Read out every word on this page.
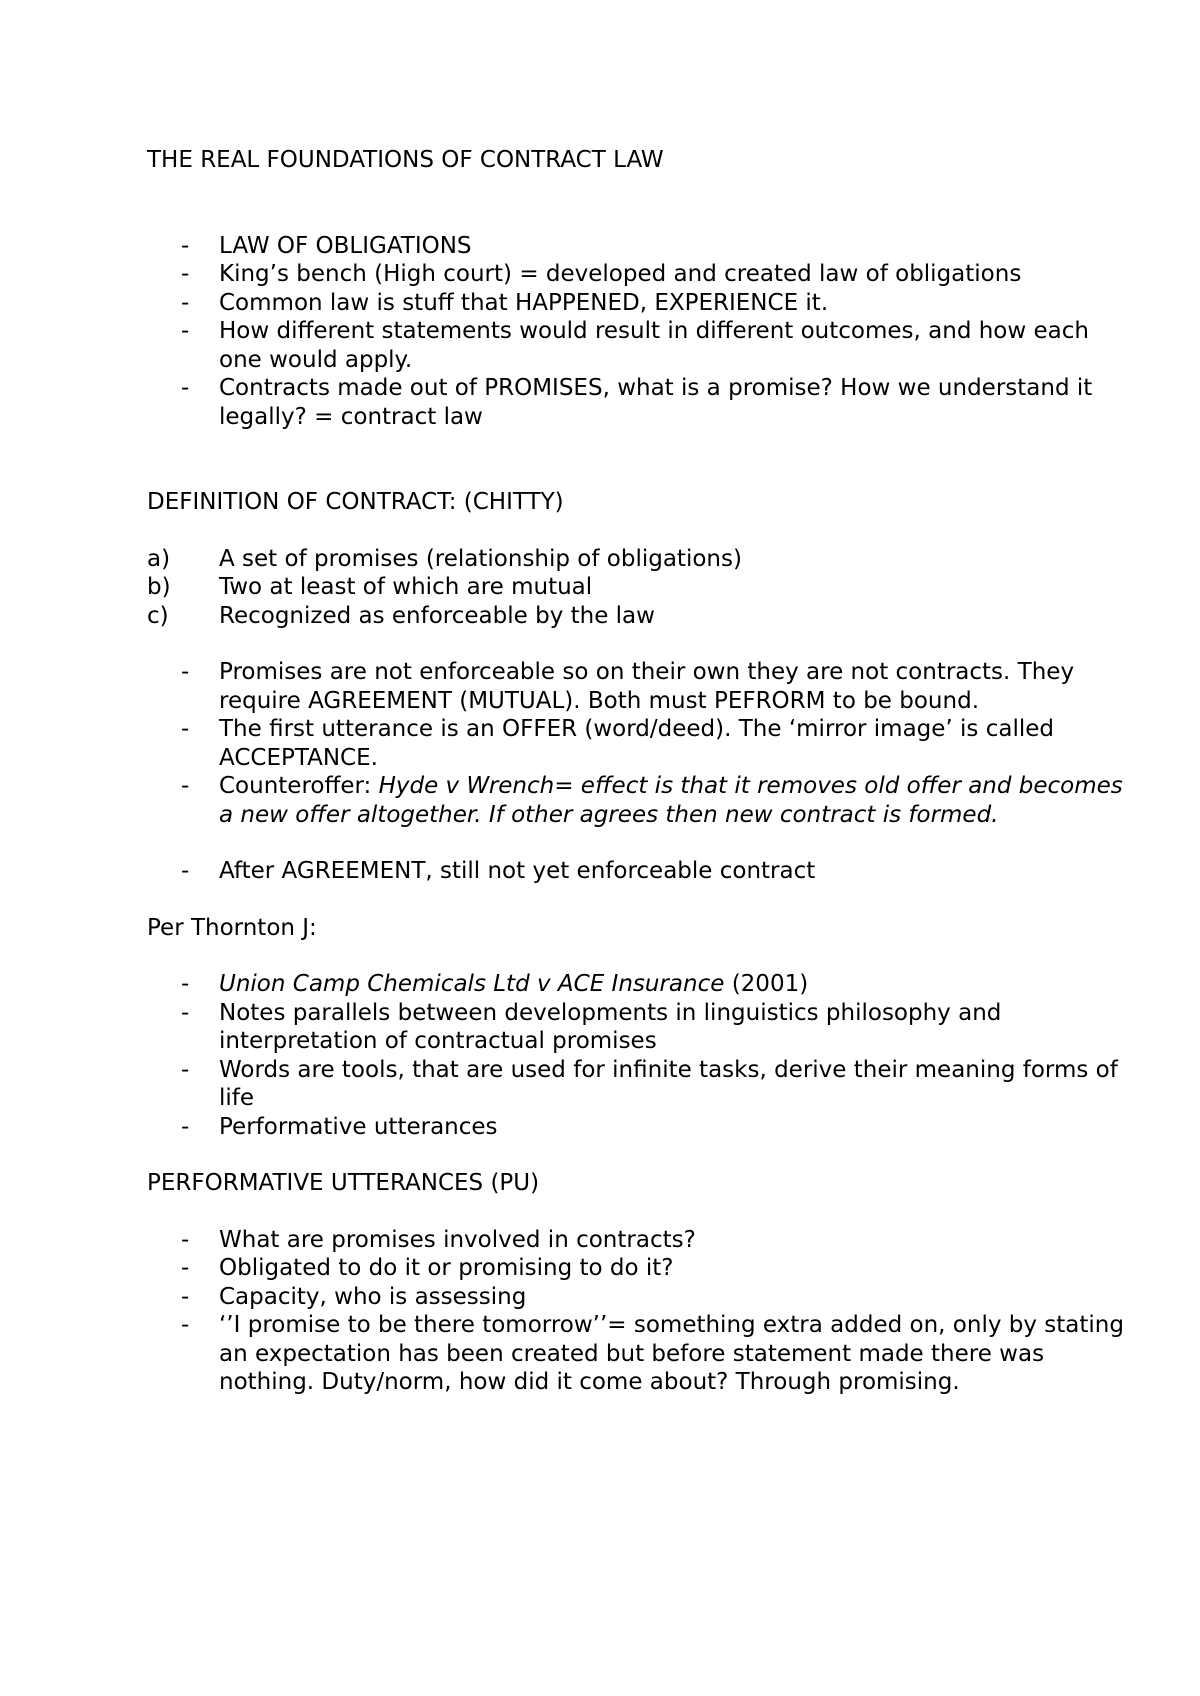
THE REAL FOUNDATIONS OF CONTRACT LAW
- LAW OF OBLIGATIONS
- King’s bench (High court) = developed and created law of obligations
- Common law is stuff that HAPPENED, EXPERIENCE it.
- How different statements would result in different outcomes, and how each one would apply.
- Contracts made out of PROMISES, what is a promise? How we understand it legally? = contract law
DEFINITION OF CONTRACT: (CHITTY)
a) A set of promises (relationship of obligations)
b) Two at least of which are mutual
c) Recognized as enforceable by the law
- Promises are not enforceable so on their own they are not contracts. They require AGREEMENT (MUTUAL). Both must PEFRORM to be bound.
- The first utterance is an OFFER (word/deed). The ‘mirror image’ is called ACCEPTANCE.
- Counteroffer: Hyde v Wrench= effect is that it removes old offer and becomes a new offer altogether. If other agrees then new contract is formed.
- After AGREEMENT, still not yet enforceable contract
Per Thornton J:
- Union Camp Chemicals Ltd v ACE Insurance (2001)
- Notes parallels between developments in linguistics philosophy and interpretation of contractual promises
- Words are tools, that are used for infinite tasks, derive their meaning forms of life
- Performative utterances
PERFORMATIVE UTTERANCES (PU)
- What are promises involved in contracts?
- Obligated to do it or promising to do it?
- Capacity, who is assessing
- ‘’I promise to be there tomorrow’’= something extra added on, only by stating an expectation has been created but before statement made there was nothing. Duty/norm, how did it come about? Through promising.
